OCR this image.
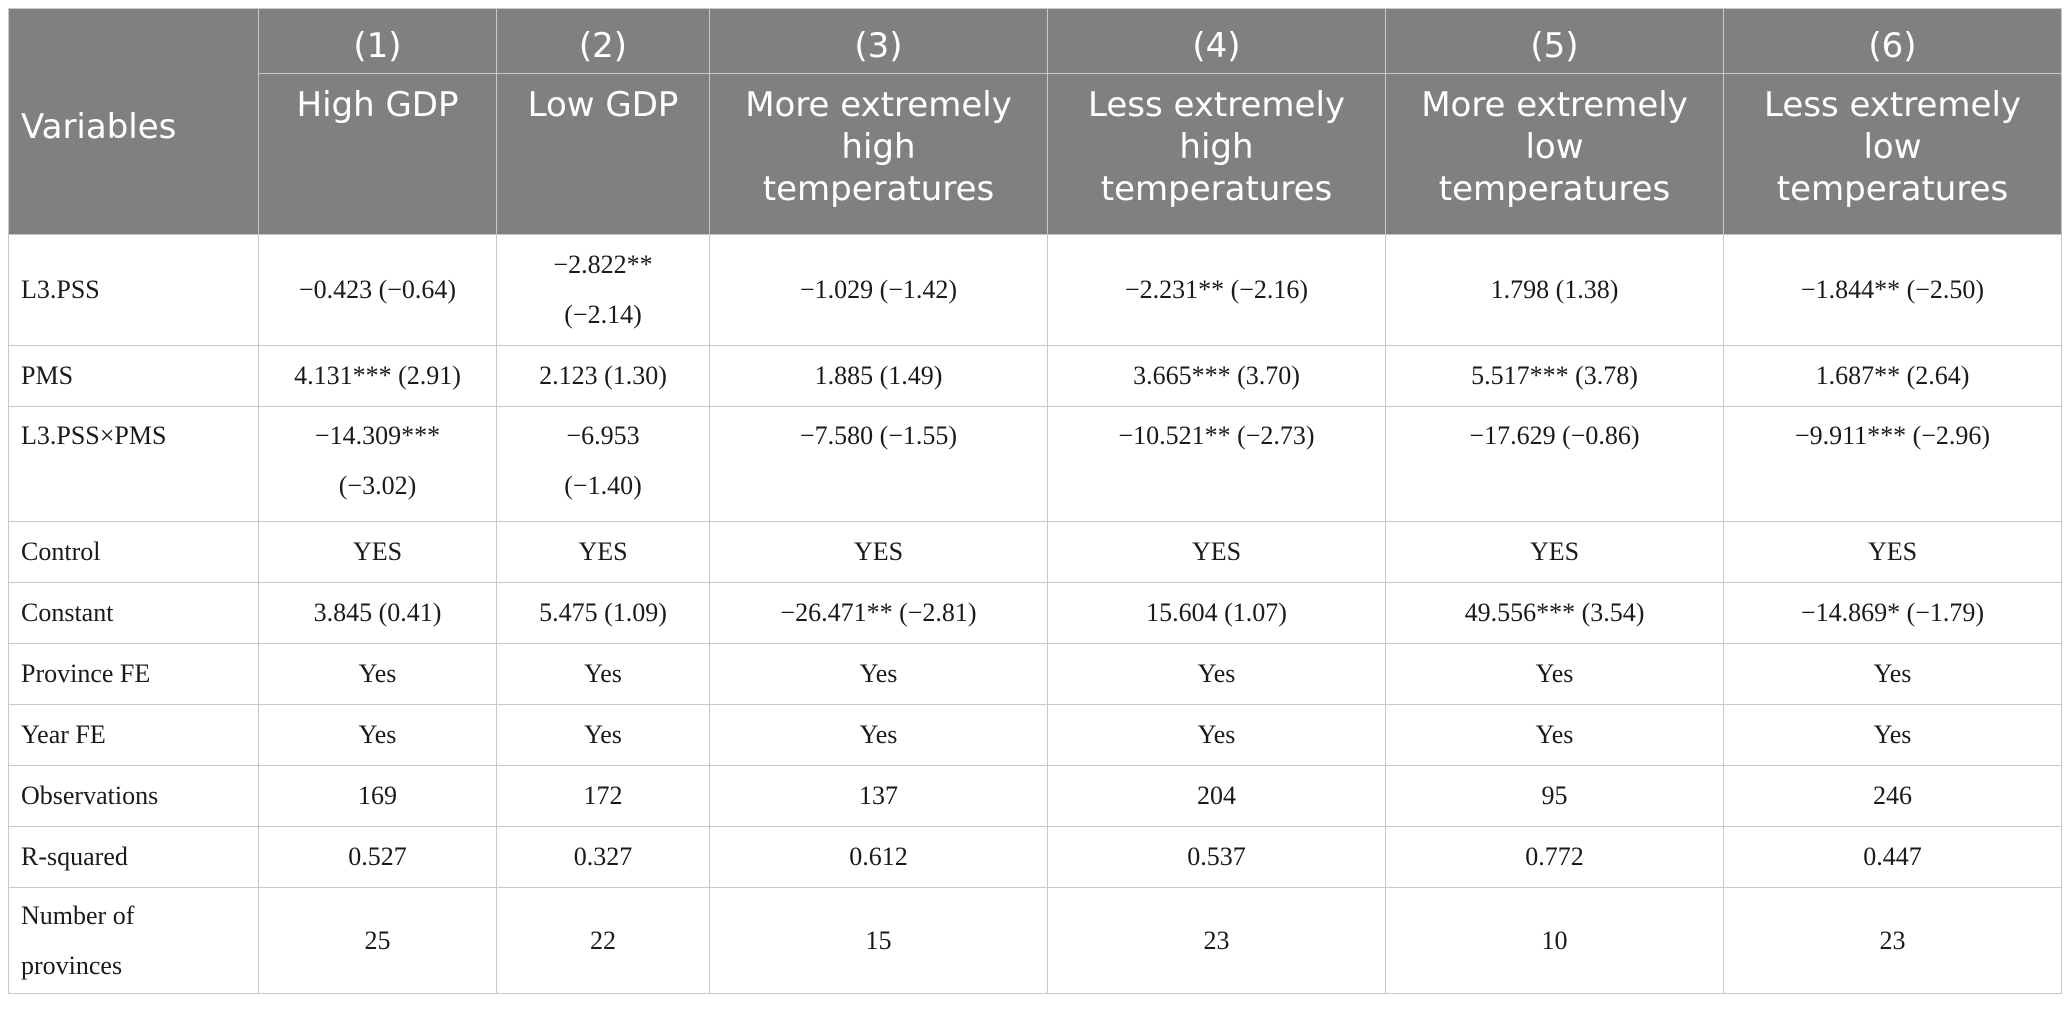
Variables	(1)	(2)	(3)	(4)	(5)	(6)

	High GDP	Low GDP	More extremely
high
temperatures	Less extremely
high
temperatures	More extremely
low
temperatures	Less extremely
low
temperatures

L3.PSS	−0.423 (−0.64)	−2.822**
(−2.14)	−1.029 (−1.42)	−2.231** (−2.16)	1.798 (1.38)	−1.844** (−2.50)
PMS	4.131*** (2.91)	2.123 (1.30)	1.885 (1.49)	3.665*** (3.70)	5.517*** (3.78)	1.687** (2.64)
L3.PSS×PMS	−14.309***
(−3.02)	−6.953
(−1.40)	−7.580 (−1.55)	−10.521** (−2.73)	−17.629 (−0.86)	−9.911*** (−2.96)
Control	YES	YES	YES	YES	YES	YES
Constant	3.845 (0.41)	5.475 (1.09)	−26.471** (−2.81)	15.604 (1.07)	49.556*** (3.54)	−14.869* (−1.79)
Province FE	Yes	Yes	Yes	Yes	Yes	Yes
Year FE	Yes	Yes	Yes	Yes	Yes	Yes
Observations	169	172	137	204	95	246
R-squared	0.527	0.327	0.612	0.537	0.772	0.447

Number of
provinces	25	22	15	23	10	23
